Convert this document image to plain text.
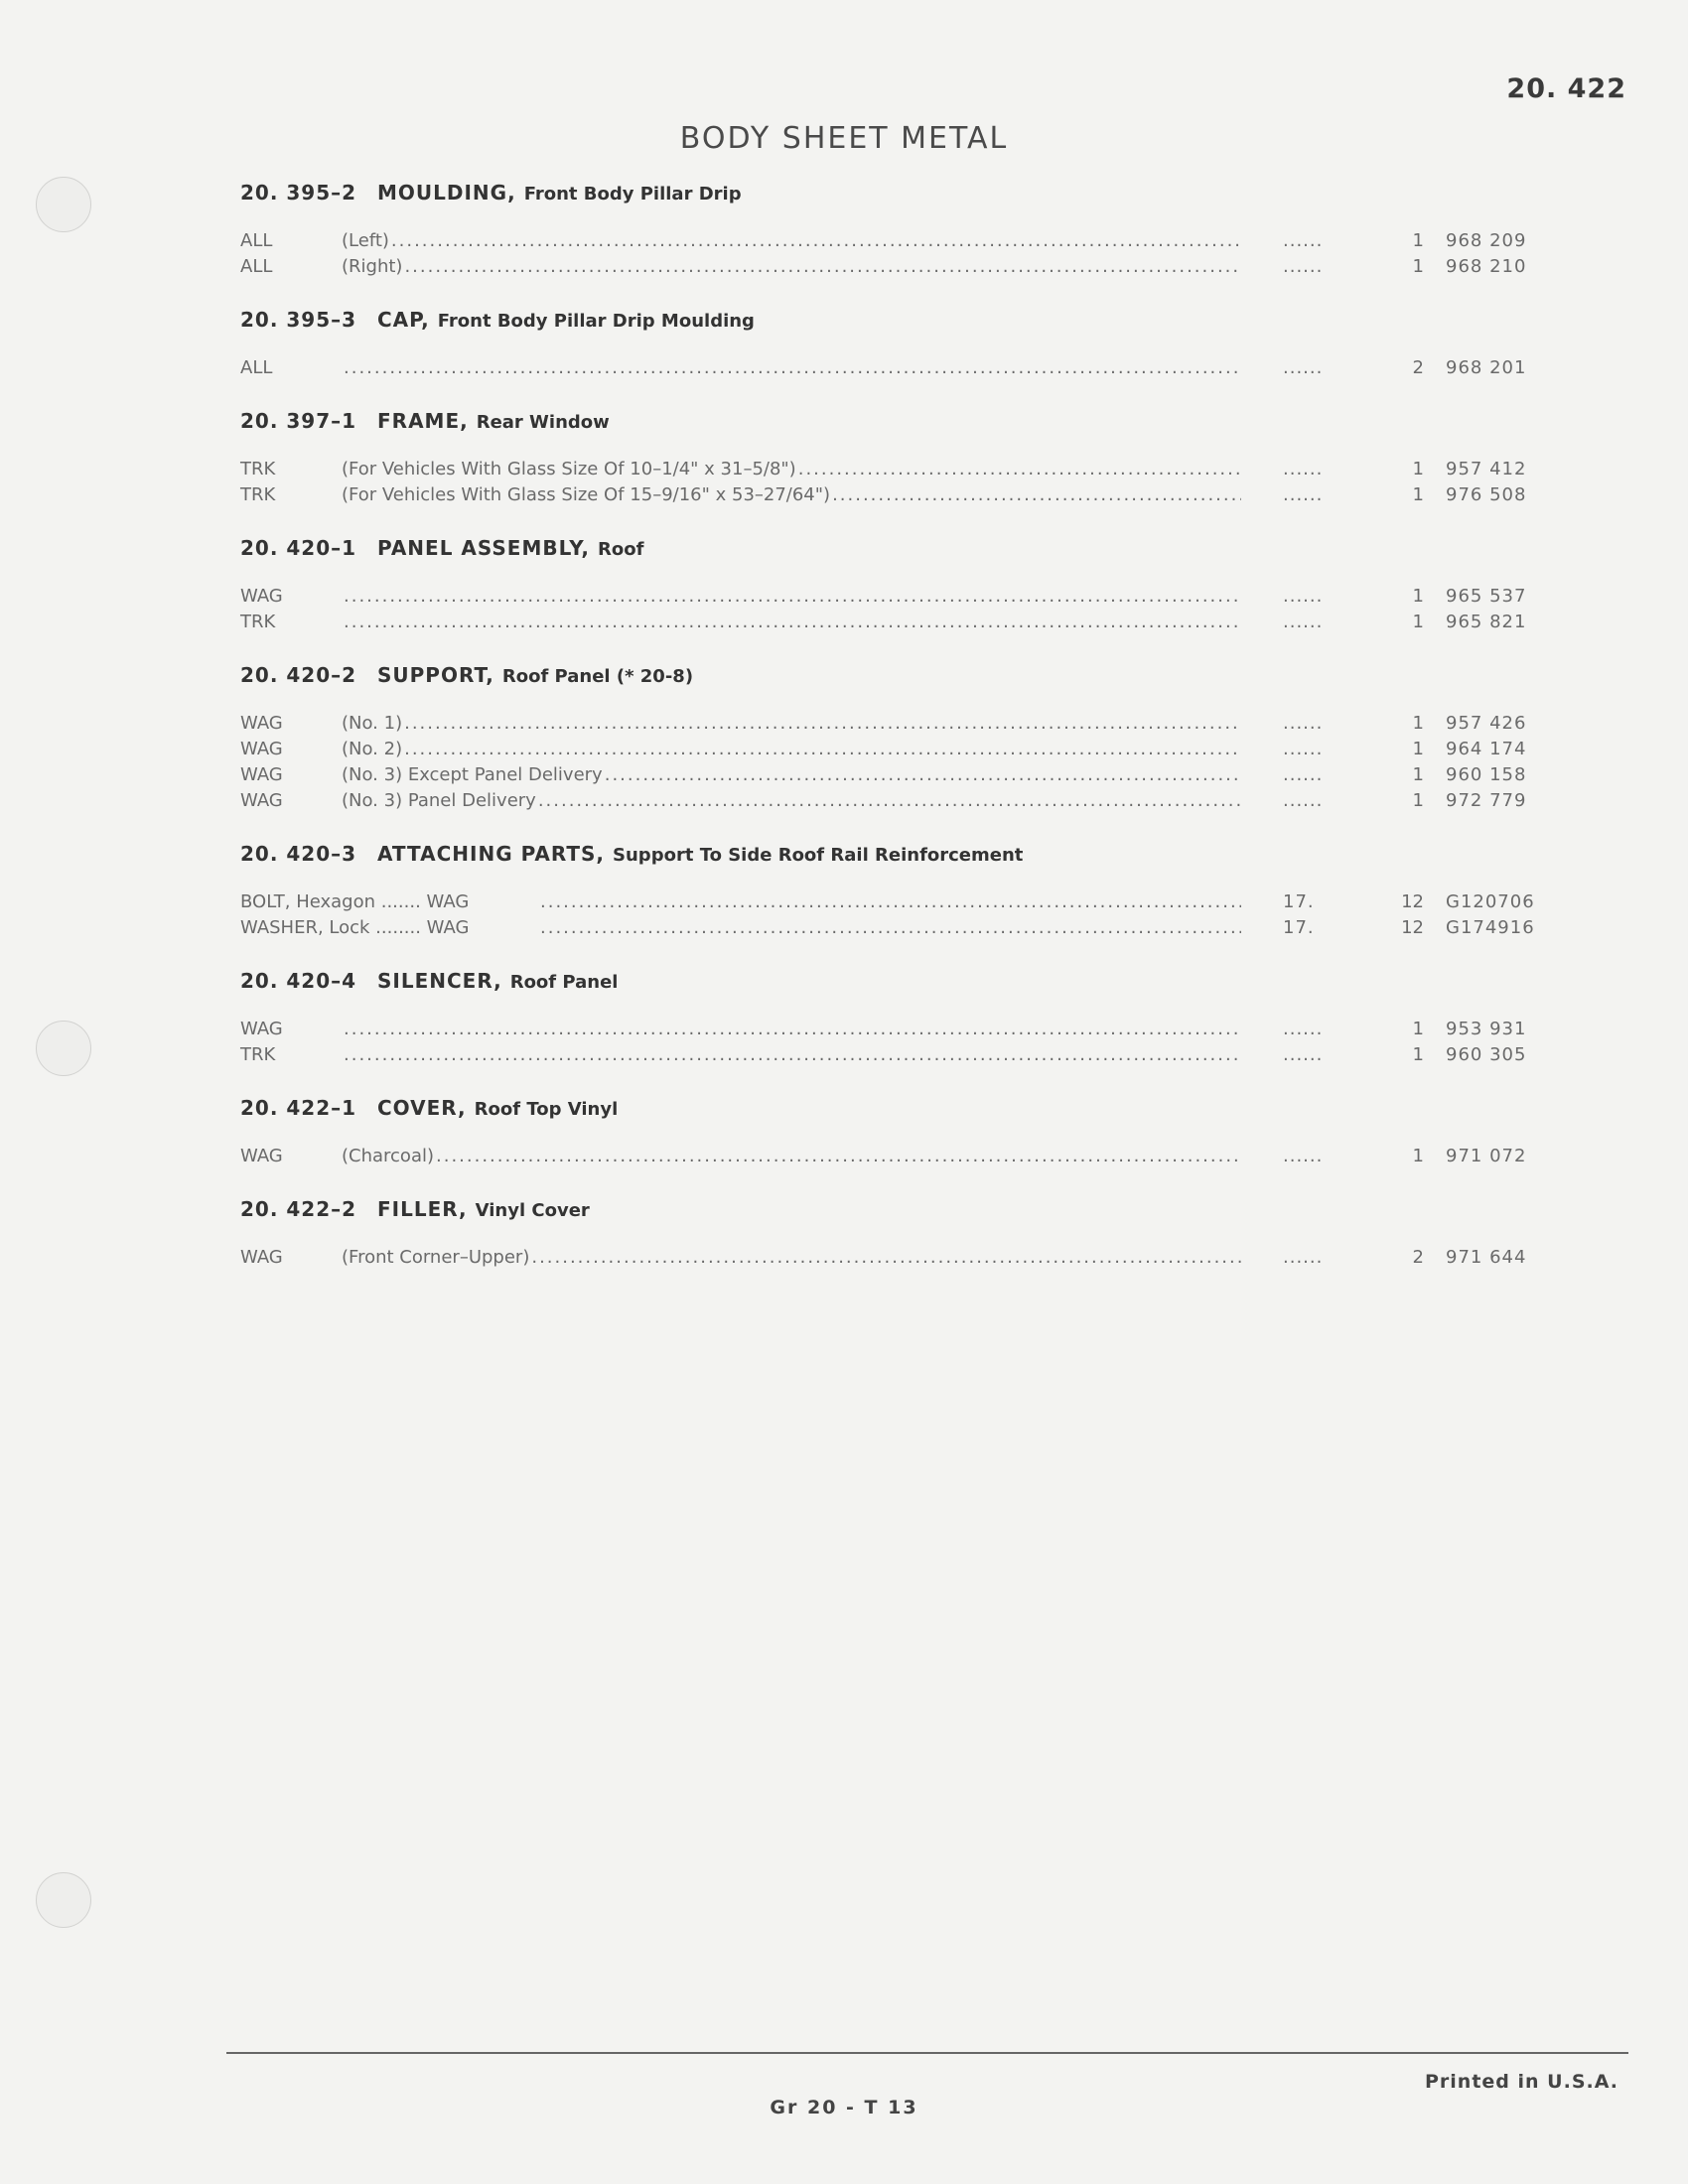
20. 422
BODY SHEET METAL
20. 395–2	MOULDING, Front Body Pillar Drip
ALL	(Left) .....	......	1	968 209
ALL	(Right) .....	......	1	968 210
20. 395–3	CAP, Front Body Pillar Drip Moulding
ALL .....	......	2	968 201
20. 397–1	FRAME, Rear Window
TRK	(For Vehicles With Glass Size Of 10–1/4" x 31–5/8") .....	......	1	957 412
TRK	(For Vehicles With Glass Size Of 15–9/16" x 53–27/64") .....	......	1	976 508
20. 420–1	PANEL ASSEMBLY, Roof
WAG .....	......	1	965 537
TRK .....	......	1	965 821
20. 420–2	SUPPORT, Roof Panel (* 20-8)
WAG	(No. 1) .....	......	1	957 426
WAG	(No. 2) .....	......	1	964 174
WAG	(No. 3) Except Panel Delivery .....	......	1	960 158
WAG	(No. 3) Panel Delivery .....	......	1	972 779
20. 420–3	ATTACHING PARTS, Support To Side Roof Rail Reinforcement
BOLT, Hexagon ....... WAG .....	17.	12	G120706
WASHER, Lock ........ WAG .....	17.	12	G174916
20. 420–4	SILENCER, Roof Panel
WAG .....	......	1	953 931
TRK .....	......	1	960 305
20. 422–1	COVER, Roof Top Vinyl
WAG	(Charcoal) .....	......	1	971 072
20. 422–2	FILLER, Vinyl Cover
WAG	(Front Corner–Upper) .....	......	2	971 644
Gr 20 - T 13
Printed in U.S.A.
